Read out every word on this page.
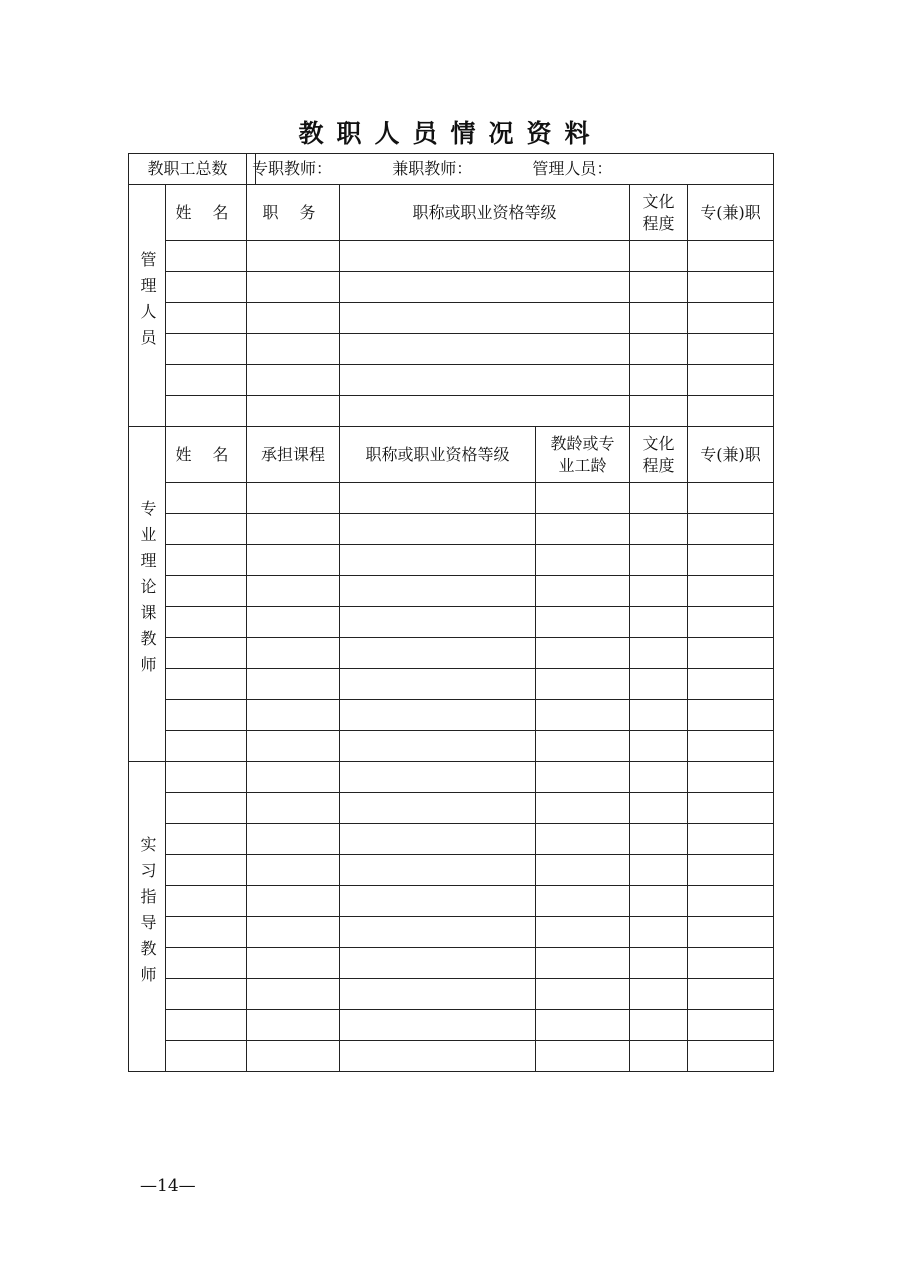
教职人员情况资料
教职工总数		专职教师： 兼职教师： 管理人员：				
管理人员	姓 名	职 务	职称或职业资格等级		文化程度	专(兼)职

专业理论课教师	姓 名	承担课程	职称或职业资格等级	教龄或专业工龄	文化程度	专(兼)职

实习指导教师						

—14—
